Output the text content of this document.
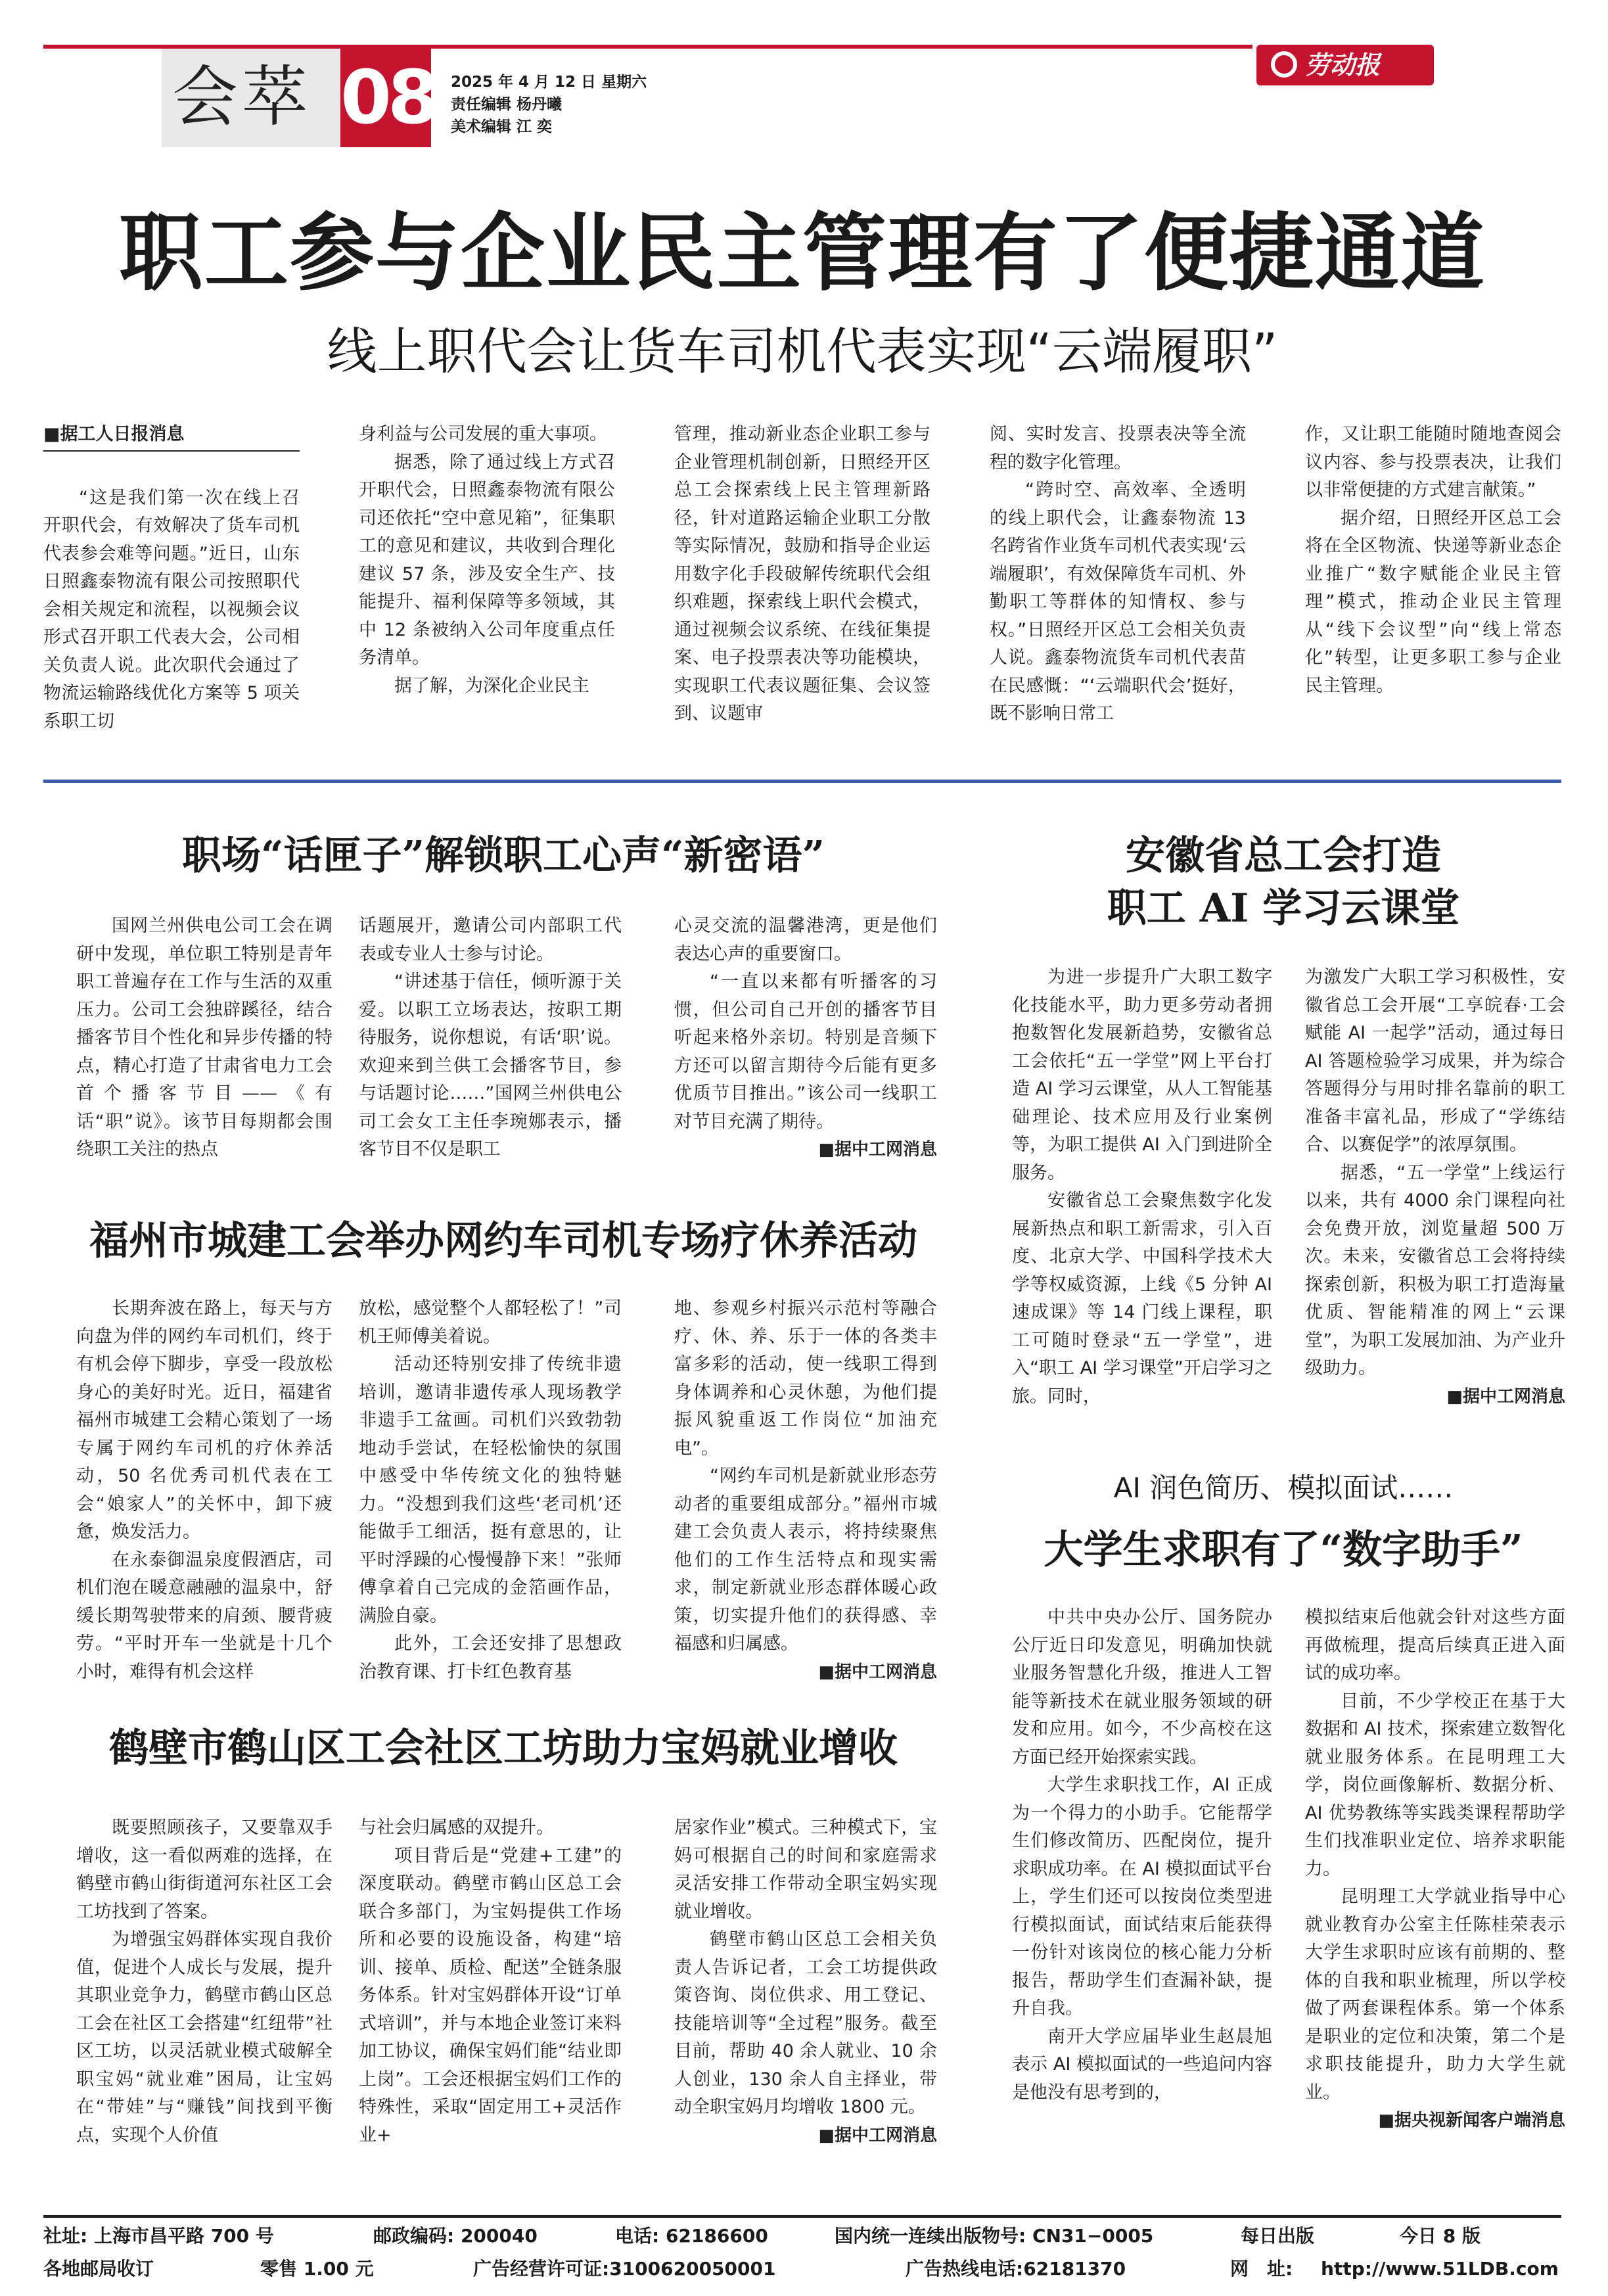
会萃 08 2025 年 4 月 12 日 星期六
责任编辑 杨丹曦
美术编辑 江 奕
劳动报
职工参与企业民主管理有了便捷通道
线上职代会让货车司机代表实现“云端履职”
■据工人日报消息
“这是我们第一次在线上召开职代会，有效解决了货车司机代表参会难等问题。”近日，山东日照鑫泰物流有限公司按照职代会相关规定和流程，以视频会议形式召开职工代表大会，公司相关负责人说。此次职代会通过了物流运输路线优化方案等 5 项关系职工切
身利益与公司发展的重大事项。
据悉，除了通过线上方式召开职代会，日照鑫泰物流有限公司还依托“空中意见箱”，征集职工的意见和建议，共收到合理化建议 57 条，涉及安全生产、技能提升、福利保障等多领域，其中 12 条被纳入公司年度重点任务清单。
据了解，为深化企业民主
管理，推动新业态企业职工参与企业管理机制创新，日照经开区总工会探索线上民主管理新路径，针对道路运输企业职工分散等实际情况，鼓励和指导企业运用数字化手段破解传统职代会组织难题，探索线上职代会模式，通过视频会议系统、在线征集提案、电子投票表决等功能模块，实现职工代表议题征集、会议签到、议题审
阅、实时发言、投票表决等全流程的数字化管理。
“跨时空、高效率、全透明的线上职代会，让鑫泰物流 13 名跨省作业货车司机代表实现‘云端履职’，有效保障货车司机、外勤职工等群体的知情权、参与权。”日照经开区总工会相关负责人说。鑫泰物流货车司机代表苗在民感慨：“‘云端职代会’挺好，既不影响日常工
作，又让职工能随时随地查阅会议内容、参与投票表决，让我们以非常便捷的方式建言献策。”
据介绍，日照经开区总工会将在全区物流、快递等新业态企业推广“数字赋能企业民主管理”模式，推动企业民主管理从“线下会议型”向“线上常态化”转型，让更多职工参与企业民主管理。
职场“话匣子”解锁职工心声“新密语”
国网兰州供电公司工会在调研中发现，单位职工特别是青年职工普遍存在工作与生活的双重压力。公司工会独辟蹊径，结合播客节目个性化和异步传播的特点，精心打造了甘肃省电力工会首个播客节目——《有话“职”说》。该节目每期都会围绕职工关注的热点
话题展开，邀请公司内部职工代表或专业人士参与讨论。
“讲述基于信任，倾听源于关爱。以职工立场表达，按职工期待服务，说你想说，有话‘职’说。欢迎来到兰供工会播客节目，参与话题讨论……”国网兰州供电公司工会女工主任李琬娜表示，播客节目不仅是职工
心灵交流的温馨港湾，更是他们表达心声的重要窗口。
“一直以来都有听播客的习惯，但公司自己开创的播客节目听起来格外亲切。特别是音频下方还可以留言期待今后能有更多优质节目推出。”该公司一线职工对节目充满了期待。
■据中工网消息
福州市城建工会举办网约车司机专场疗休养活动
长期奔波在路上，每天与方向盘为伴的网约车司机们，终于有机会停下脚步，享受一段放松身心的美好时光。近日，福建省福州市城建工会精心策划了一场专属于网约车司机的疗休养活动，50 名优秀司机代表在工会“娘家人”的关怀中，卸下疲惫，焕发活力。
在永泰御温泉度假酒店，司机们泡在暖意融融的温泉中，舒缓长期驾驶带来的肩颈、腰背疲劳。“平时开车一坐就是十几个小时，难得有机会这样
放松，感觉整个人都轻松了！”司机王师傅美着说。
活动还特别安排了传统非遗培训，邀请非遗传承人现场教学非遗手工盆画。司机们兴致勃勃地动手尝试，在轻松愉快的氛围中感受中华传统文化的独特魅力。“没想到我们这些‘老司机’还能做手工细活，挺有意思的，让平时浮躁的心慢慢静下来！”张师傅拿着自己完成的金箔画作品，满脸自豪。
此外，工会还安排了思想政治教育课、打卡红色教育基
地、参观乡村振兴示范村等融合疗、休、养、乐于一体的各类丰富多彩的活动，使一线职工得到身体调养和心灵休憩，为他们提振风貌重返工作岗位“加油充电”。
“网约车司机是新就业形态劳动者的重要组成部分。”福州市城建工会负责人表示，将持续聚焦他们的工作生活特点和现实需求，制定新就业形态群体暖心政策，切实提升他们的获得感、幸福感和归属感。
■据中工网消息
鹤壁市鹤山区工会社区工坊助力宝妈就业增收
既要照顾孩子，又要靠双手增收，这一看似两难的选择，在鹤壁市鹤山街街道河东社区工会工坊找到了答案。
为增强宝妈群体实现自我价值，促进个人成长与发展，提升其职业竞争力，鹤壁市鹤山区总工会在社区工会搭建“红纽带”社区工坊，以灵活就业模式破解全职宝妈“就业难”困局，让宝妈在“带娃”与“赚钱”间找到平衡点，实现个人价值
与社会归属感的双提升。
项目背后是“党建+工建”的深度联动。鹤壁市鹤山区总工会联合多部门，为宝妈提供工作场所和必要的设施设备，构建“培训、接单、质检、配送”全链条服务体系。针对宝妈群体开设“订单式培训”，并与本地企业签订来料加工协议，确保宝妈们能“结业即上岗”。工会还根据宝妈们工作的特殊性，采取“固定用工+灵活作业+
居家作业”模式。三种模式下，宝妈可根据自己的时间和家庭需求灵活安排工作带动全职宝妈实现就业增收。
鹤壁市鹤山区总工会相关负责人告诉记者，工会工坊提供政策咨询、岗位供求、用工登记、技能培训等“全过程”服务。截至目前，帮助 40 余人就业、10 余人创业，130 余人自主择业，带动全职宝妈月均增收 1800 元。
■据中工网消息
安徽省总工会打造
职工 AI 学习云课堂
为进一步提升广大职工数字化技能水平，助力更多劳动者拥抱数智化发展新趋势，安徽省总工会依托“五一学堂”网上平台打造 AI 学习云课堂，从人工智能基础理论、技术应用及行业案例等，为职工提供 AI 入门到进阶全服务。
安徽省总工会聚焦数字化发展新热点和职工新需求，引入百度、北京大学、中国科学技术大学等权威资源，上线《5 分钟 AI 速成课》等 14 门线上课程，职工可随时登录“五一学堂”，进入“职工 AI 学习课堂”开启学习之旅。同时，
为激发广大职工学习积极性，安徽省总工会开展“工享皖春·工会赋能 AI 一起学”活动，通过每日 AI 答题检验学习成果，并为综合答题得分与用时排名靠前的职工准备丰富礼品，形成了“学练结合、以赛促学”的浓厚氛围。
据悉，“五一学堂”上线运行以来，共有 4000 余门课程向社会免费开放，浏览量超 500 万次。未来，安徽省总工会将持续探索创新，积极为职工打造海量优质、智能精准的网上“云课堂”，为职工发展加油、为产业升级助力。
■据中工网消息
AI 润色简历、模拟面试……
大学生求职有了“数字助手”
中共中央办公厅、国务院办公厅近日印发意见，明确加快就业服务智慧化升级，推进人工智能等新技术在就业服务领域的研发和应用。如今，不少高校在这方面已经开始探索实践。
大学生求职找工作，AI 正成为一个得力的小助手。它能帮学生们修改简历、匹配岗位，提升求职成功率。在 AI 模拟面试平台上，学生们还可以按岗位类型进行模拟面试，面试结束后能获得一份针对该岗位的核心能力分析报告，帮助学生们查漏补缺，提升自我。
南开大学应届毕业生赵晨旭表示 AI 模拟面试的一些追问内容是他没有思考到的，
模拟结束后他就会针对这些方面再做梳理，提高后续真正进入面试的成功率。
目前，不少学校正在基于大数据和 AI 技术，探索建立数智化就业服务体系。在昆明理工大学，岗位画像解析、数据分析、AI 优势教练等实践类课程帮助学生们找准职业定位、培养求职能力。
昆明理工大学就业指导中心就业教育办公室主任陈桂荣表示大学生求职时应该有前期的、整体的自我和职业梳理，所以学校做了两套课程体系。第一个体系是职业的定位和决策，第二个是求职技能提升，助力大学生就业。
■据央视新闻客户端消息
社址: 上海市昌平路 700 号	邮政编码: 200040	电话: 62186600	国内统一连续出版物号: CN31−0005	每日出版	今日 8 版
各地邮局收订	零售 1.00 元	广告经营许可证:3100620050001	广告热线电话:62181370	网　址: http://www.51LDB.com
